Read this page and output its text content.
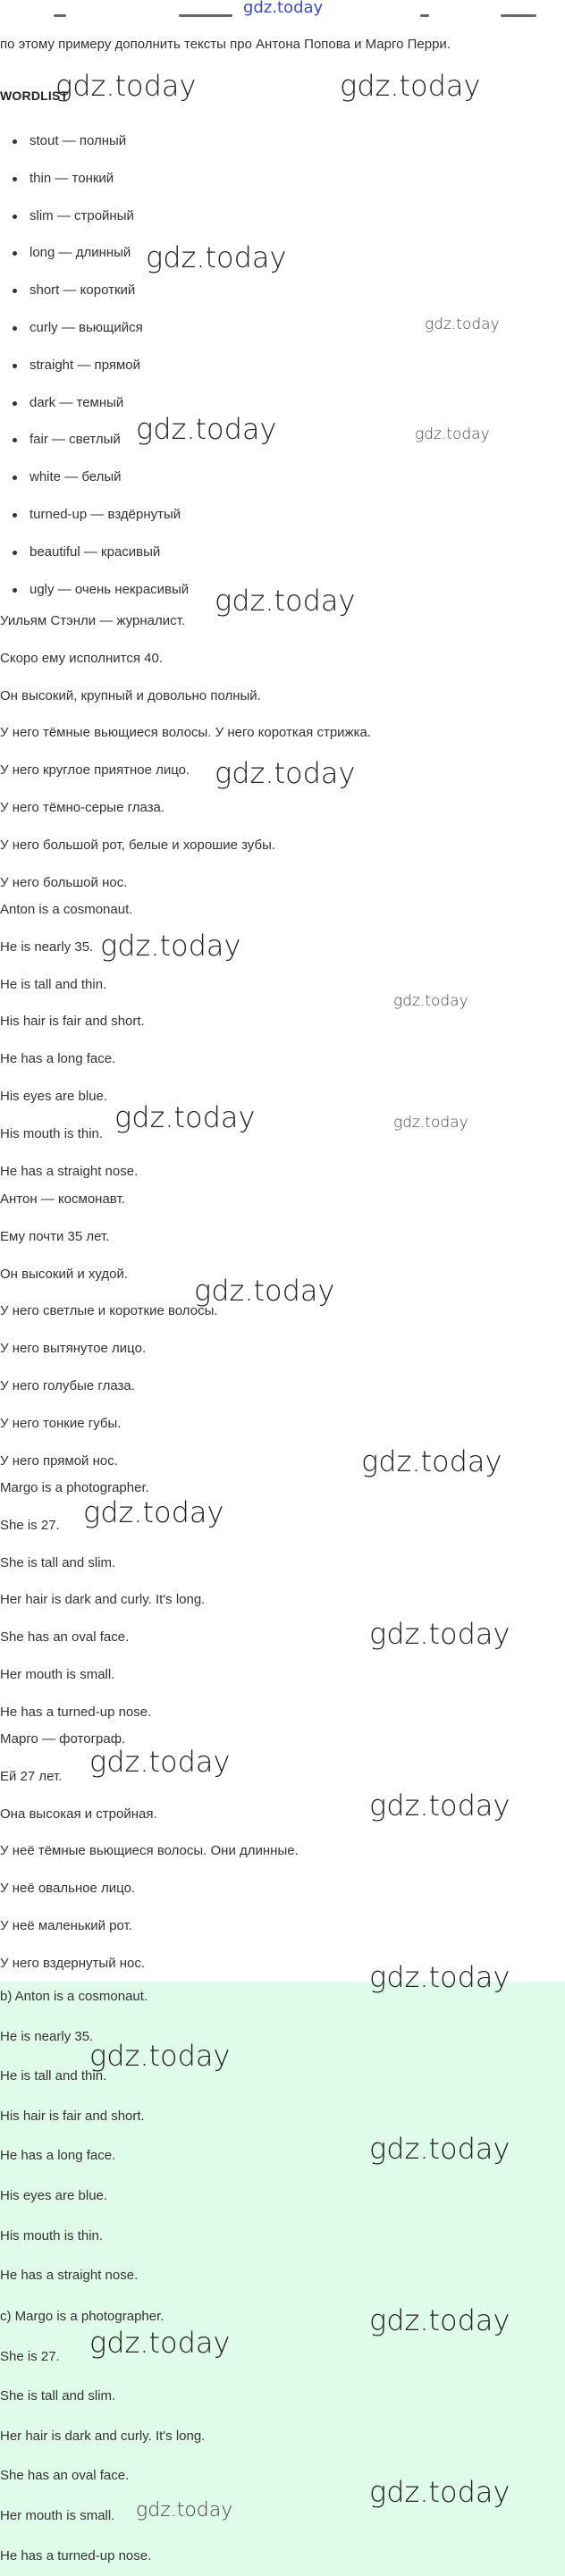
gdz.today
по этому примеру дополнить тексты про Антона Попова и Марго Перри.
WORDLIST
stout — полный
thin — тонкий
slim — стройный
long — длинный
short — короткий
curly — вьющийся
straight — прямой
dark — темный
fair — светлый
white — белый
turned-up — вздёрнутый
beautiful — красивый
ugly — очень некрасивый
Уильям Стэнли — журналист.
Скоро ему исполнится 40.
Он высокий, крупный и довольно полный.
У него тёмные вьющиеся волосы. У него короткая стрижка.
У него круглое приятное лицо.
У него тёмно-серые глаза.
У него большой рот, белые и хорошие зубы.
У него большой нос.
Anton is a cosmonaut.
He is nearly 35.
He is tall and thin.
His hair is fair and short.
He has a long face.
His eyes are blue.
His mouth is thin.
He has a straight nose.
Антон — космонавт.
Ему почти 35 лет.
Он высокий и худой.
У него светлые и короткие волосы.
У него вытянутое лицо.
У него голубые глаза.
У него тонкие губы.
У него прямой нос.
Margo is a photographer.
She is 27.
She is tall and slim.
Her hair is dark and curly. It's long.
She has an oval face.
Her mouth is small.
He has a turned-up nose.
Марго — фотограф.
Ей 27 лет.
Она высокая и стройная.
У неё тёмные вьющиеся волосы. Они длинные.
У неё овальное лицо.
У неё маленький рот.
У него вздернутый нос.
b) Anton is a cosmonaut.
He is nearly 35.
He is tall and thin.
His hair is fair and short.
He has a long face.
His eyes are blue.
His mouth is thin.
He has a straight nose.
c) Margo is a photographer.
She is 27.
She is tall and slim.
Her hair is dark and curly. It's long.
She has an oval face.
Her mouth is small.
He has a turned-up nose.
gdz.today	gdz.today
gdz.today
gdz.today
gdz.today	gdz.today
gdz.today
gdz.today
gdz.today
gdz.today
gdz.today	gdz.today
gdz.today
gdz.today
gdz.today
gdz.today
gdz.today
gdz.today
gdz.today
gdz.today
gdz.today
gdz.today
gdz.today
gdz.today
gdz.today
